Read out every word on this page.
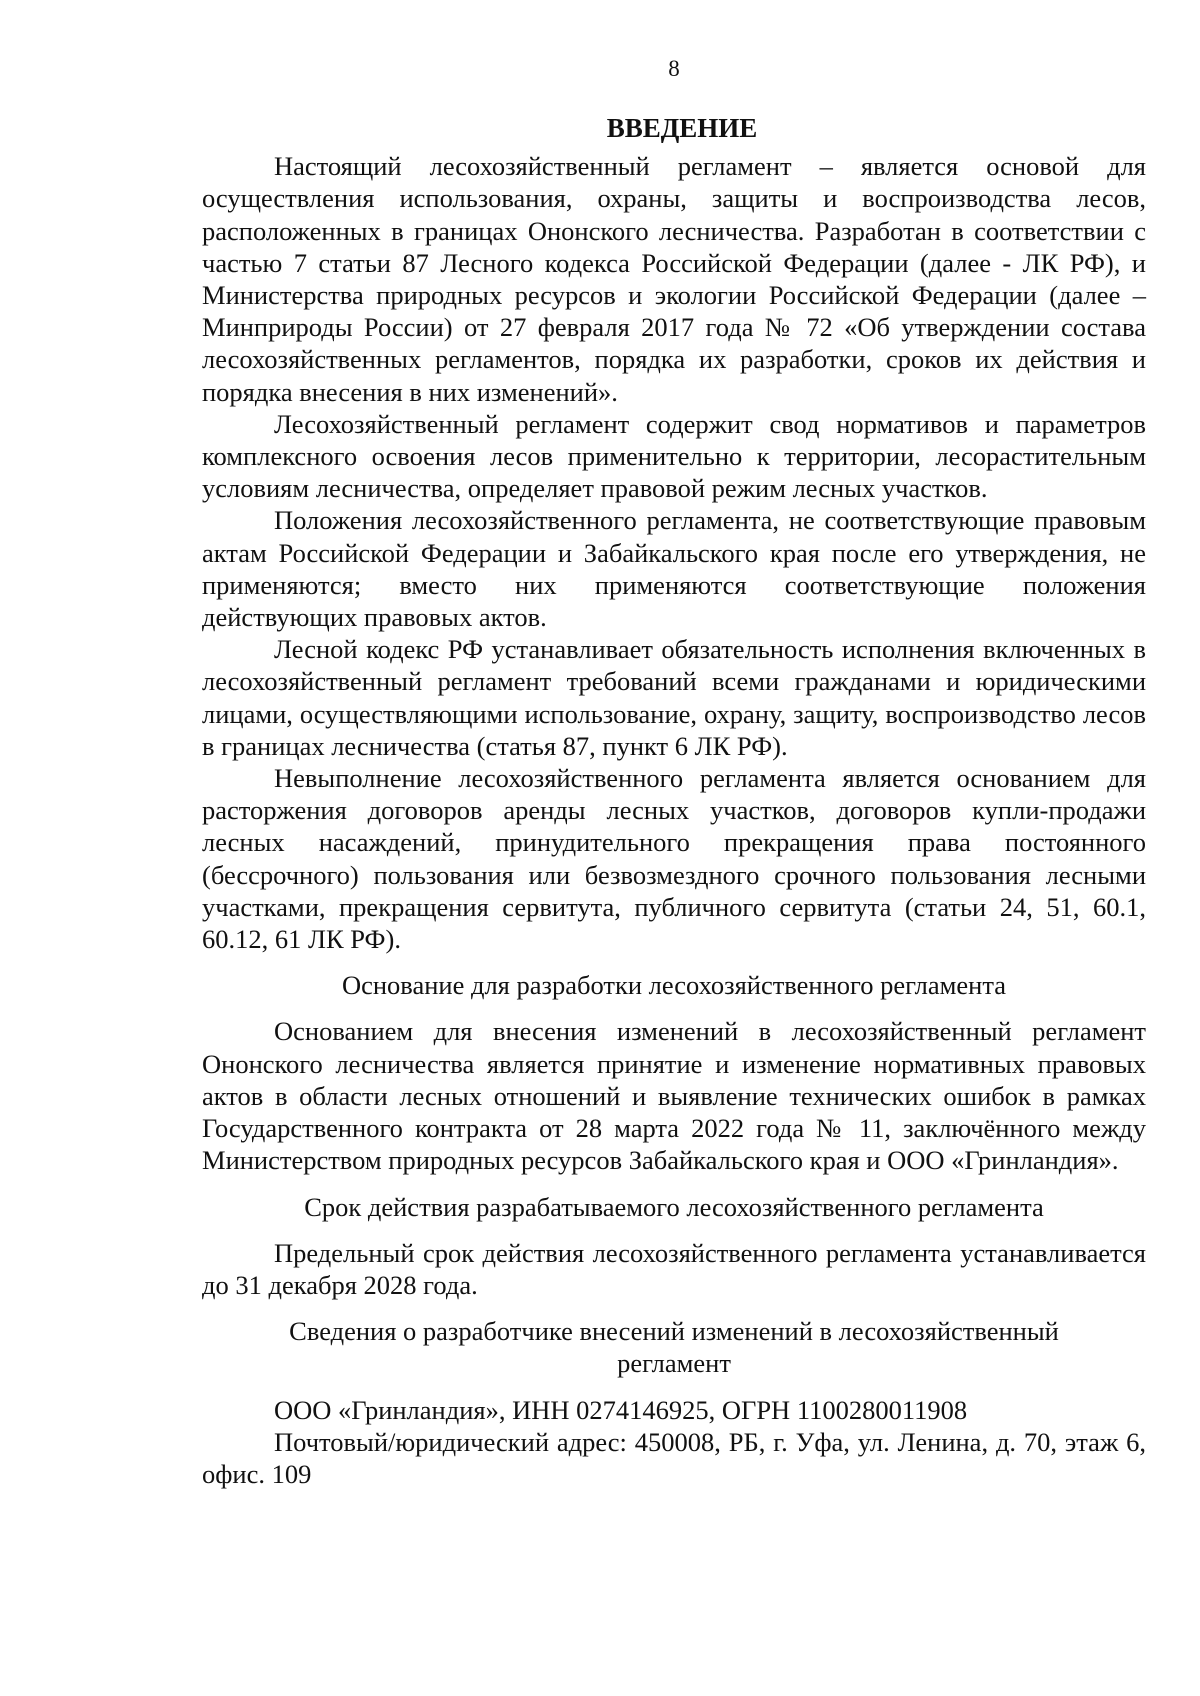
8
ВВЕДЕНИЕ

Настоящий лесохозяйственный регламент – является основой для осуществления использования, охраны, защиты и воспроизводства лесов, расположенных в границах Ононского лесничества. Разработан в соответствии с частью 7 статьи 87 Лесного кодекса Российской Федерации (далее - ЛК РФ), и Министерства природных ресурсов и экологии Российской Федерации (далее – Минприроды России) от 27 февраля 2017 года № 72 «Об утверждении состава лесохозяйственных регламентов, порядка их разработки, сроков их действия и порядка внесения в них изменений».

Лесохозяйственный регламент содержит свод нормативов и параметров комплексного освоения лесов применительно к территории, лесорастительным условиям лесничества, определяет правовой режим лесных участков.

Положения лесохозяйственного регламента, не соответствующие правовым актам Российской Федерации и Забайкальского края после его утверждения, не применяются; вместо них применяются соответствующие положения действующих правовых актов.

Лесной кодекс РФ устанавливает обязательность исполнения включенных в лесохозяйственный регламент требований всеми гражданами и юридическими лицами, осуществляющими использование, охрану, защиту, воспроизводство лесов в границах лесничества (статья 87, пункт 6 ЛК РФ).

Невыполнение лесохозяйственного регламента является основанием для расторжения договоров аренды лесных участков, договоров купли-продажи лесных насаждений, принудительного прекращения права постоянного (бессрочного) пользования или безвозмездного срочного пользования лесными участками, прекращения сервитута, публичного сервитута (статьи 24, 51, 60.1, 60.12, 61 ЛК РФ).

Основание для разработки лесохозяйственного регламента

Основанием для внесения изменений в лесохозяйственный регламент Ононского лесничества является принятие и изменение нормативных правовых актов в области лесных отношений и выявление технических ошибок в рамках Государственного контракта от 28 марта 2022 года № 11, заключённого между Министерством природных ресурсов Забайкальского края и ООО «Гринландия».

Срок действия разрабатываемого лесохозяйственного регламента

Предельный срок действия лесохозяйственного регламента устанавливается до 31 декабря 2028 года.

Сведения о разработчике внесений изменений в лесохозяйственный
регламент

ООО «Гринландия», ИНН 0274146925, ОГРН 1100280011908

Почтовый/юридический адрес: 450008, РБ, г. Уфа, ул. Ленина, д. 70, этаж 6, офис. 109
